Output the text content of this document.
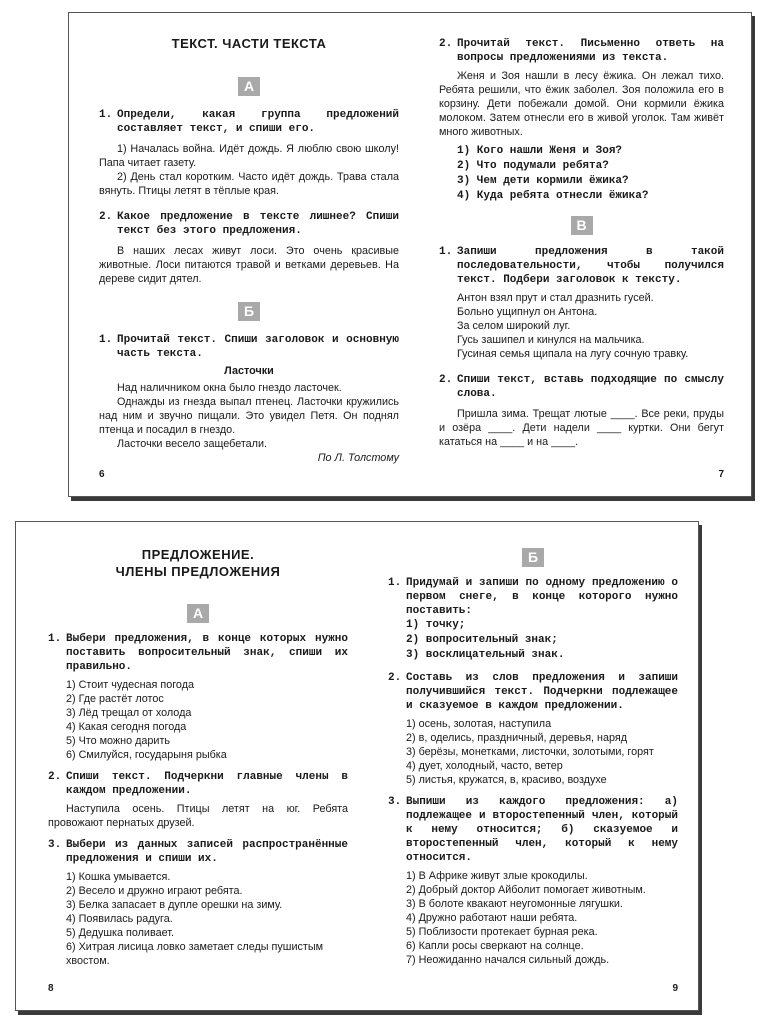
ТЕКСТ. ЧАСТИ ТЕКСТА
А
1. Определи, какая группа предложений составляет текст, и спиши его.
1) Началась война. Идёт дождь. Я люблю свою школу! Папа читает газету.
2) День стал коротким. Часто идёт дождь. Трава стала вянуть. Птицы летят в тёплые края.
2. Какое предложение в тексте лишнее? Спиши текст без этого предложения.
В наших лесах живут лоси. Это очень красивые животные. Лоси питаются травой и ветками деревьев. На дереве сидит дятел.
Б
1. Прочитай текст. Спиши заголовок и основную часть текста.
Ласточки
Над наличником окна было гнездо ласточек.
Однажды из гнезда выпал птенец. Ласточки кружились над ним и звучно пищали. Это увидел Петя. Он поднял птенца и посадил в гнездо.
Ласточки весело защебетали.
По Л. Толстому
6
2. Прочитай текст. Письменно ответь на вопросы предложениями из текста.
Женя и Зоя нашли в лесу ёжика. Он лежал тихо. Ребята решили, что ёжик заболел. Зоя положила его в корзину. Дети побежали домой. Они кормили ёжика молоком. Затем отнесли его в живой уголок. Там живёт много животных.
1) Кого нашли Женя и Зоя?
2) Что подумали ребята?
3) Чем дети кормили ёжика?
4) Куда ребята отнесли ёжика?
В
1. Запиши предложения в такой последовательности, чтобы получился текст. Подбери заголовок к тексту.
Антон взял прут и стал дразнить гусей.
Больно ущипнул он Антона.
За селом широкий луг.
Гусь зашипел и кинулся на мальчика.
Гусиная семья щипала на лугу сочную травку.
2. Спиши текст, вставь подходящие по смыслу слова.
Пришла зима. Трещат лютые ____. Все реки, пруды и озёра ____. Дети надели ____ куртки. Они бегут кататься на ____ и на ____.
7
ПРЕДЛОЖЕНИЕ.
ЧЛЕНЫ ПРЕДЛОЖЕНИЯ
А
1. Выбери предложения, в конце которых нужно поставить вопросительный знак, спиши их правильно.
1) Стоит чудесная погода
2) Где растёт лотос
3) Лёд трещал от холода
4) Какая сегодня погода
5) Что можно дарить
6) Смилуйся, государыня рыбка
2. Спиши текст. Подчеркни главные члены в каждом предложении.
Наступила осень. Птицы летят на юг. Ребята провожают пернатых друзей.
3. Выбери из данных записей распространённые предложения и спиши их.
1) Кошка умывается.
2) Весело и дружно играют ребята.
3) Белка запасает в дупле орешки на зиму.
4) Появилась радуга.
5) Дедушка поливает.
6) Хитрая лисица ловко заметает следы пушистым хвостом.
8
Б
1. Придумай и запиши по одному предложению о первом снеге, в конце которого нужно поставить:
1) точку;
2) вопросительный знак;
3) восклицательный знак.
2. Составь из слов предложения и запиши получившийся текст. Подчеркни подлежащее и сказуемое в каждом предложении.
1) осень, золотая, наступила
2) в, оделись, праздничный, деревья, наряд
3) берёзы, монетками, листочки, золотыми, горят
4) дует, холодный, часто, ветер
5) листья, кружатся, в, красиво, воздухе
3. Выпиши из каждого предложения: а) подлежащее и второстепенный член, который к нему относится; б) сказуемое и второстепенный член, который к нему относится.
1) В Африке живут злые крокодилы.
2) Добрый доктор Айболит помогает животным.
3) В болоте квакают неугомонные лягушки.
4) Дружно работают наши ребята.
5) Поблизости протекает бурная река.
6) Капли росы сверкают на солнце.
7) Неожиданно начался сильный дождь.
9
